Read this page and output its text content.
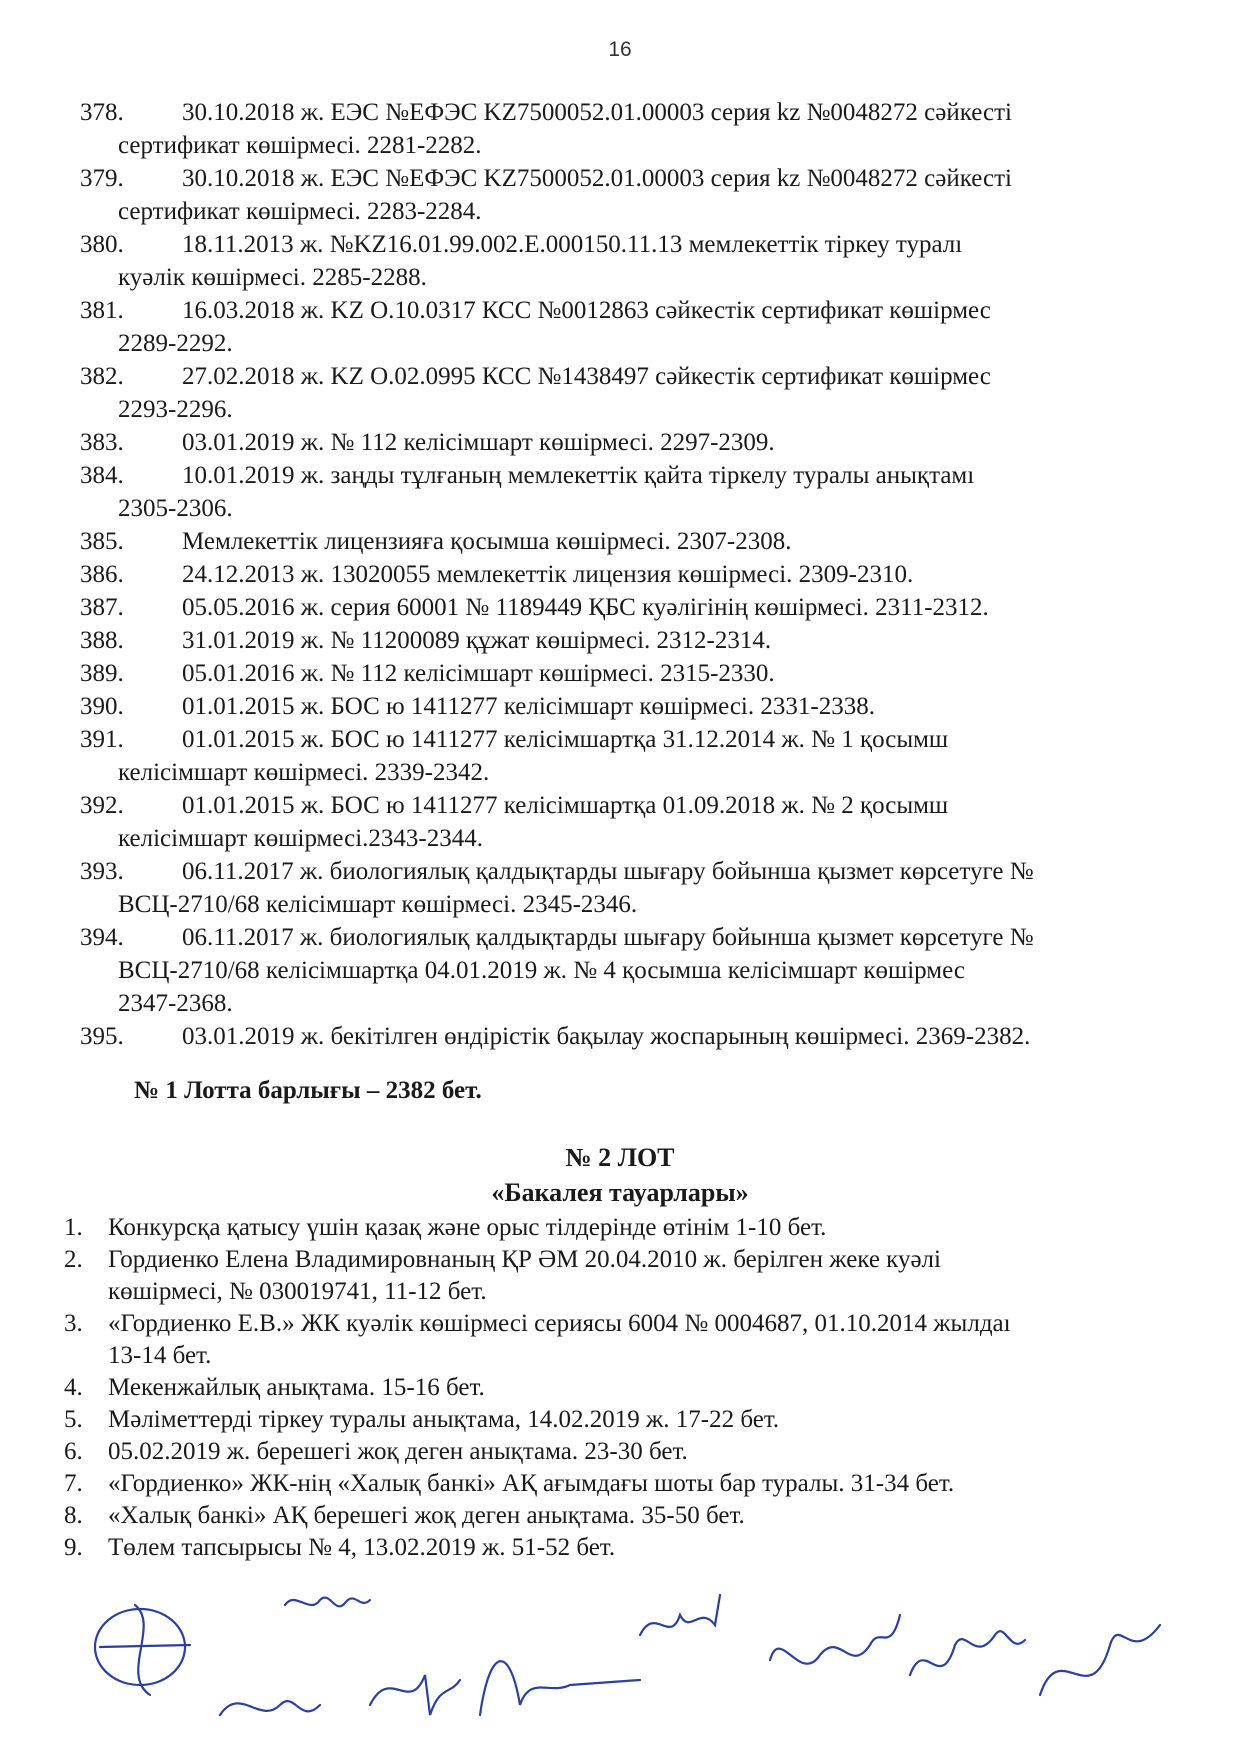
16
378.	30.10.2018 ж. ЕЭС №ЕФЭС KZ7500052.01.00003 серия kz №0048272 сәйкесті
сертификат көшірмесі. 2281-2282.
379.	30.10.2018 ж. ЕЭС №ЕФЭС KZ7500052.01.00003 серия kz №0048272 сәйкесті
сертификат көшірмесі. 2283-2284.
380.	18.11.2013 ж. №KZ16.01.99.002.E.000150.11.13 мемлекеттік тіркеу туралı
куәлік көшірмесі. 2285-2288.
381.	16.03.2018 ж. KZ O.10.0317 КСС №0012863 сәйкестік сертификат көшірмес
2289-2292.
382.	27.02.2018 ж. KZ O.02.0995 КСС №1438497 сәйкестік сертификат көшірмес
2293-2296.
383.	03.01.2019 ж. № 112 келісімшарт көшірмесі. 2297-2309.
384.	10.01.2019 ж. заңды тұлғаның мемлекеттік қайта тіркелу туралы анықтамı
2305-2306.
385.	Мемлекеттік лицензияға қосымша көшірмесі. 2307-2308.
386.	24.12.2013 ж. 13020055 мемлекеттік лицензия көшірмесі. 2309-2310.
387.	05.05.2016 ж. серия 60001 № 1189449 ҚБС куәлігінің көшірмесі. 2311-2312.
388.	31.01.2019 ж. № 11200089 құжат көшірмесі. 2312-2314.
389.	05.01.2016 ж. № 112 келісімшарт көшірмесі. 2315-2330.
390.	01.01.2015 ж. БОС ю 1411277 келісімшарт көшірмесі. 2331-2338.
391.	01.01.2015 ж. БОС ю 1411277 келісімшартқа 31.12.2014 ж. № 1 қосымш
келісімшарт көшірмесі. 2339-2342.
392.	01.01.2015 ж. БОС ю 1411277 келісімшартқа 01.09.2018 ж. № 2 қосымш
келісімшарт көшірмесі.2343-2344.
393.	06.11.2017 ж. биологиялық қалдықтарды шығару бойынша қызмет көрсетуге №
ВСЦ-2710/68 келісімшарт көшірмесі. 2345-2346.
394.	06.11.2017 ж. биологиялық қалдықтарды шығару бойынша қызмет көрсетуге №
ВСЦ-2710/68 келісімшартқа 04.01.2019 ж. № 4 қосымша келісімшарт көшірмес
2347-2368.
395.	03.01.2019 ж. бекітілген өндірістік бақылау жоспарының көшірмесі. 2369-2382.
№ 1 Лотта барлығы – 2382 бет.
№ 2 ЛОТ
«Бакалея тауарлары»
1. Конкурсқа қатысу үшін қазақ және орыс тілдерінде өтінім 1-10 бет.
2. Гордиенко Елена Владимировнаның ҚР ӘМ 20.04.2010 ж. берілген жеке куәлі
көшірмесі, № 030019741, 11-12 бет.
3. «Гордиенко Е.В.» ЖК куәлік көшірмесі сериясы 6004 № 0004687, 01.10.2014 жылдаı
13-14 бет.
4. Мекенжайлық анықтама. 15-16 бет.
5. Мәліметтерді тіркеу туралы анықтама, 14.02.2019 ж. 17-22 бет.
6. 05.02.2019 ж. берешегі жоқ деген анықтама. 23-30 бет.
7. «Гордиенко» ЖК-нің «Халық банкі» АҚ ағымдағы шоты бар туралы. 31-34 бет.
8. «Халық банкі» АҚ берешегі жоқ деген анықтама. 35-50 бет.
9. Төлем тапсырысы № 4, 13.02.2019 ж. 51-52 бет.
